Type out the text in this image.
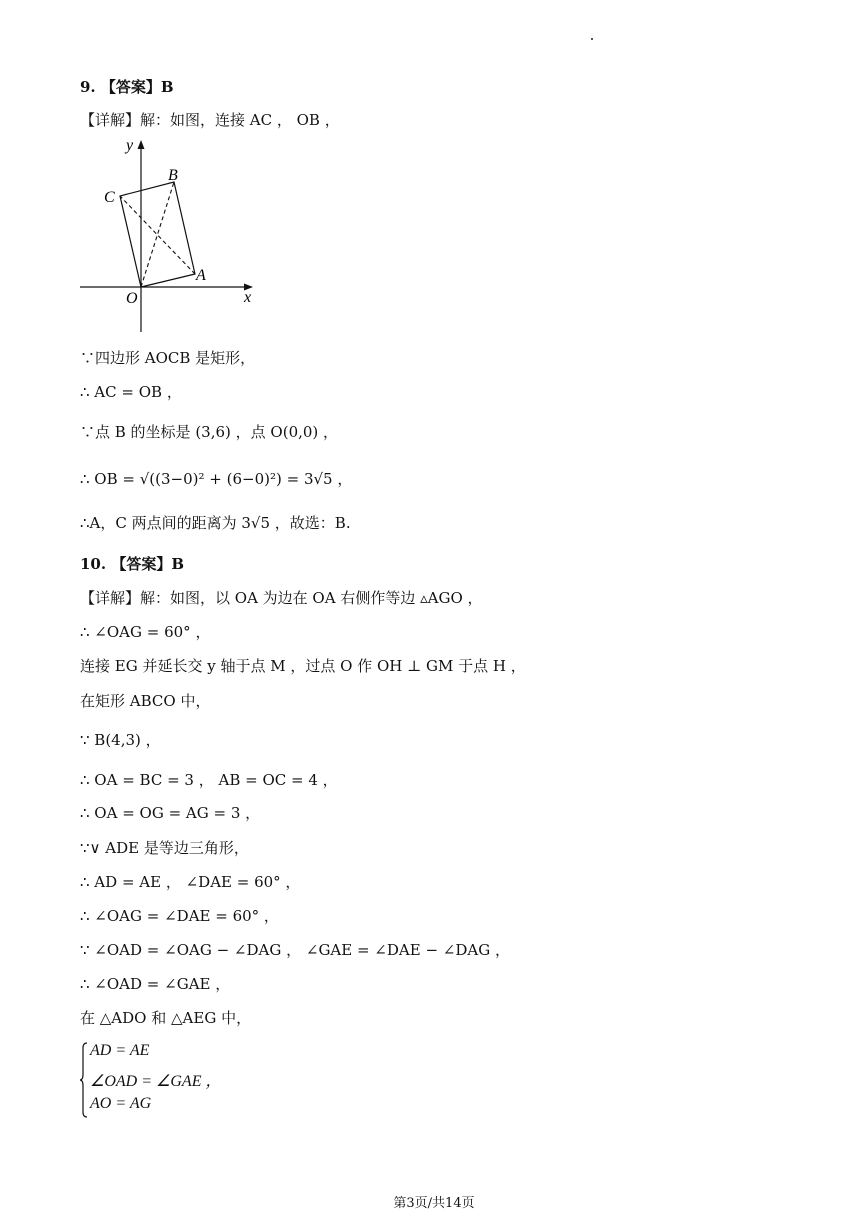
9. 【答案】B
【详解】解：如图，连接 AC ， OB ，
y
x
O
A
B
C
∵四边形 AOCB 是矩形，
∴ AC = OB ，
∵点 B 的坐标是 (3,6) ，点 O(0,0) ，
∴ OB = √((3−0)² + (6−0)²) = 3√5 ，
∴A，C 两点间的距离为 3√5 ，故选：B.
10. 【答案】B
【详解】解：如图，以 OA 为边在 OA 右侧作等边 ▵AGO ，
∴ ∠OAG = 60° ，
连接 EG 并延长交 y 轴于点 M ，过点 O 作 OH ⊥ GM 于点 H ，
在矩形 ABCO 中，
∵ B(4,3) ，
∴ OA = BC = 3 ， AB = OC = 4 ，
∴ OA = OG = AG = 3 ，
∵∨ ADE 是等边三角形，
∴ AD = AE ， ∠DAE = 60° ，
∴ ∠OAG = ∠DAE = 60° ，
∵ ∠OAD = ∠OAG − ∠DAG ， ∠GAE = ∠DAE − ∠DAG ，
∴ ∠OAD = ∠GAE ，
在 △ADO 和 △AEG 中，
AD = AE
∠OAD = ∠GAE ，
AO = AG
第3页/共14页
